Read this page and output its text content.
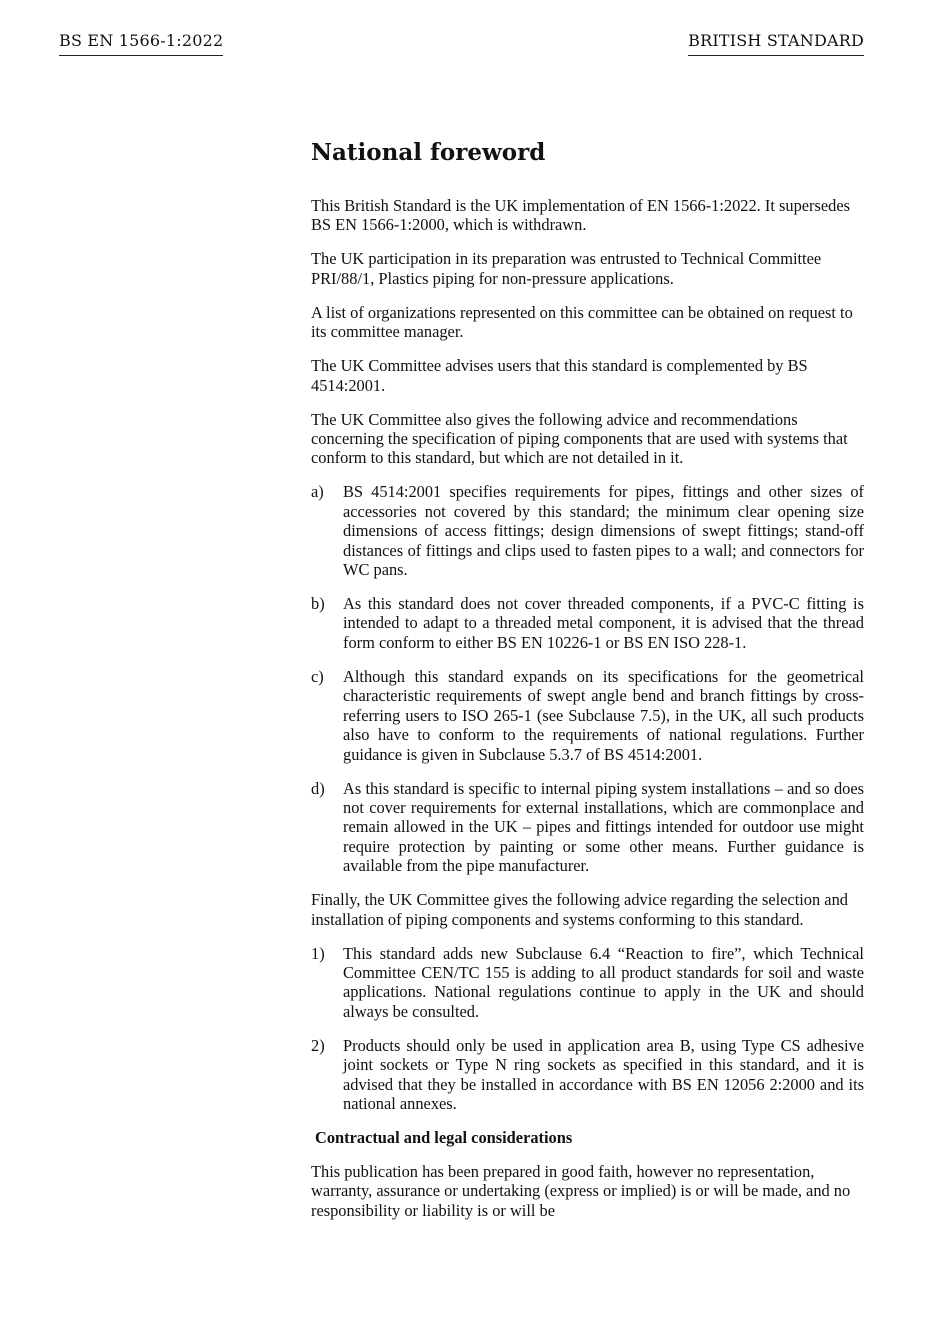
BS EN 1566-1:2022	BRITISH STANDARD
National foreword

This British Standard is the UK implementation of EN 1566-1:2022. It supersedes BS EN 1566-1:2000, which is withdrawn.

The UK participation in its preparation was entrusted to Technical Committee PRI/88/1, Plastics piping for non-pressure applications.

A list of organizations represented on this committee can be obtained on request to its committee manager.

The UK Committee advises users that this standard is complemented by BS 4514:2001.

The UK Committee also gives the following advice and recommendations concerning the specification of piping components that are used with systems that conform to this standard, but which are not detailed in it.

a)	BS 4514:2001 specifies requirements for pipes, fittings and other sizes of accessories not covered by this standard; the minimum clear opening size dimensions of access fittings; design dimensions of swept fittings; stand-off distances of fittings and clips used to fasten pipes to a wall; and connectors for WC pans.
b)	As this standard does not cover threaded components, if a PVC-C fitting is intended to adapt to a threaded metal component, it is advised that the thread form conform to either BS EN 10226-1 or BS EN ISO 228-1.
c)	Although this standard expands on its specifications for the geometrical characteristic requirements of swept angle bend and branch fittings by cross-referring users to ISO 265-1 (see Subclause 7.5), in the UK, all such products also have to conform to the requirements of national regulations. Further guidance is given in Subclause 5.3.7 of BS 4514:2001.
d)	As this standard is specific to internal piping system installations – and so does not cover requirements for external installations, which are commonplace and remain allowed in the UK – pipes and fittings intended for outdoor use might require protection by painting or some other means. Further guidance is available from the pipe manufacturer.

Finally, the UK Committee gives the following advice regarding the selection and installation of piping components and systems conforming to this standard.

1)	This standard adds new Subclause 6.4 “Reaction to fire”, which Technical Committee CEN/TC 155 is adding to all product standards for soil and waste applications. National regulations continue to apply in the UK and should always be consulted.
2)	Products should only be used in application area B, using Type CS adhesive joint sockets or Type N ring sockets as specified in this standard, and it is advised that they be installed in accordance with BS EN 12056 2:2000 and its national annexes.
Contractual and legal considerations

This publication has been prepared in good faith, however no representation, warranty, assurance or undertaking (express or implied) is or will be made, and no responsibility or liability is or will be
